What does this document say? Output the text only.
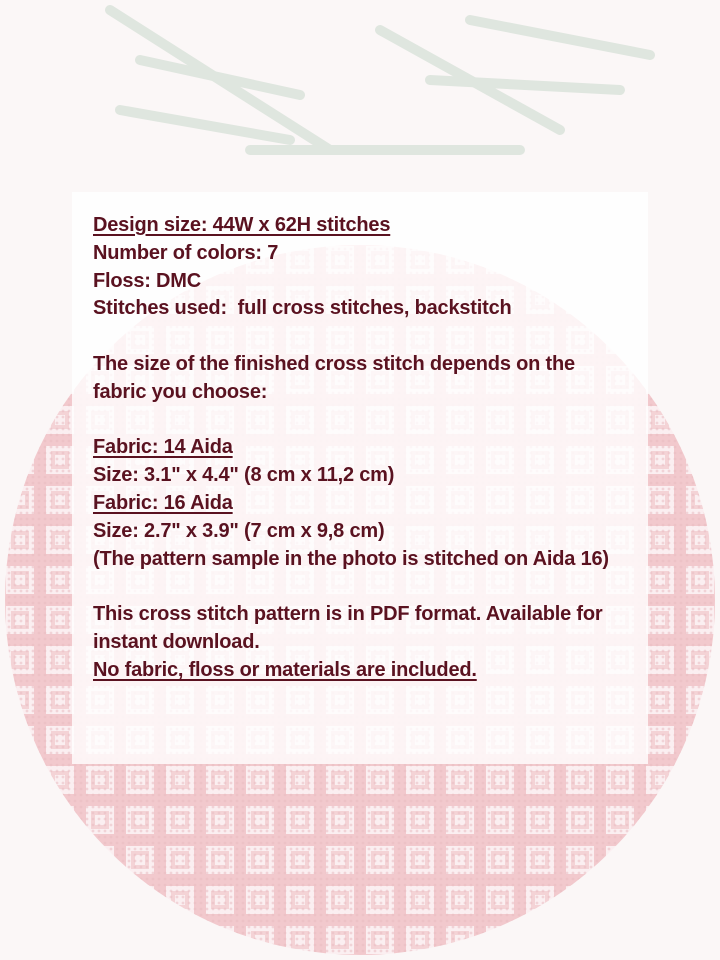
Design size: 44W x 62H stitches

Number of colors: 7

Floss: DMC

Stitches used:  full cross stitches, backstitch

The size of the finished cross stitch depends on the fabric you choose:

Fabric: 14 Aida

Size: 3.1" x 4.4" (8 cm x 11,2 cm)

Fabric: 16 Aida

Size: 2.7" x 3.9" (7 cm x 9,8 cm)

(The pattern sample in the photo is stitched on Aida 16)

This cross stitch pattern is in PDF format. Available for instant download.

No fabric, floss or materials are included.
